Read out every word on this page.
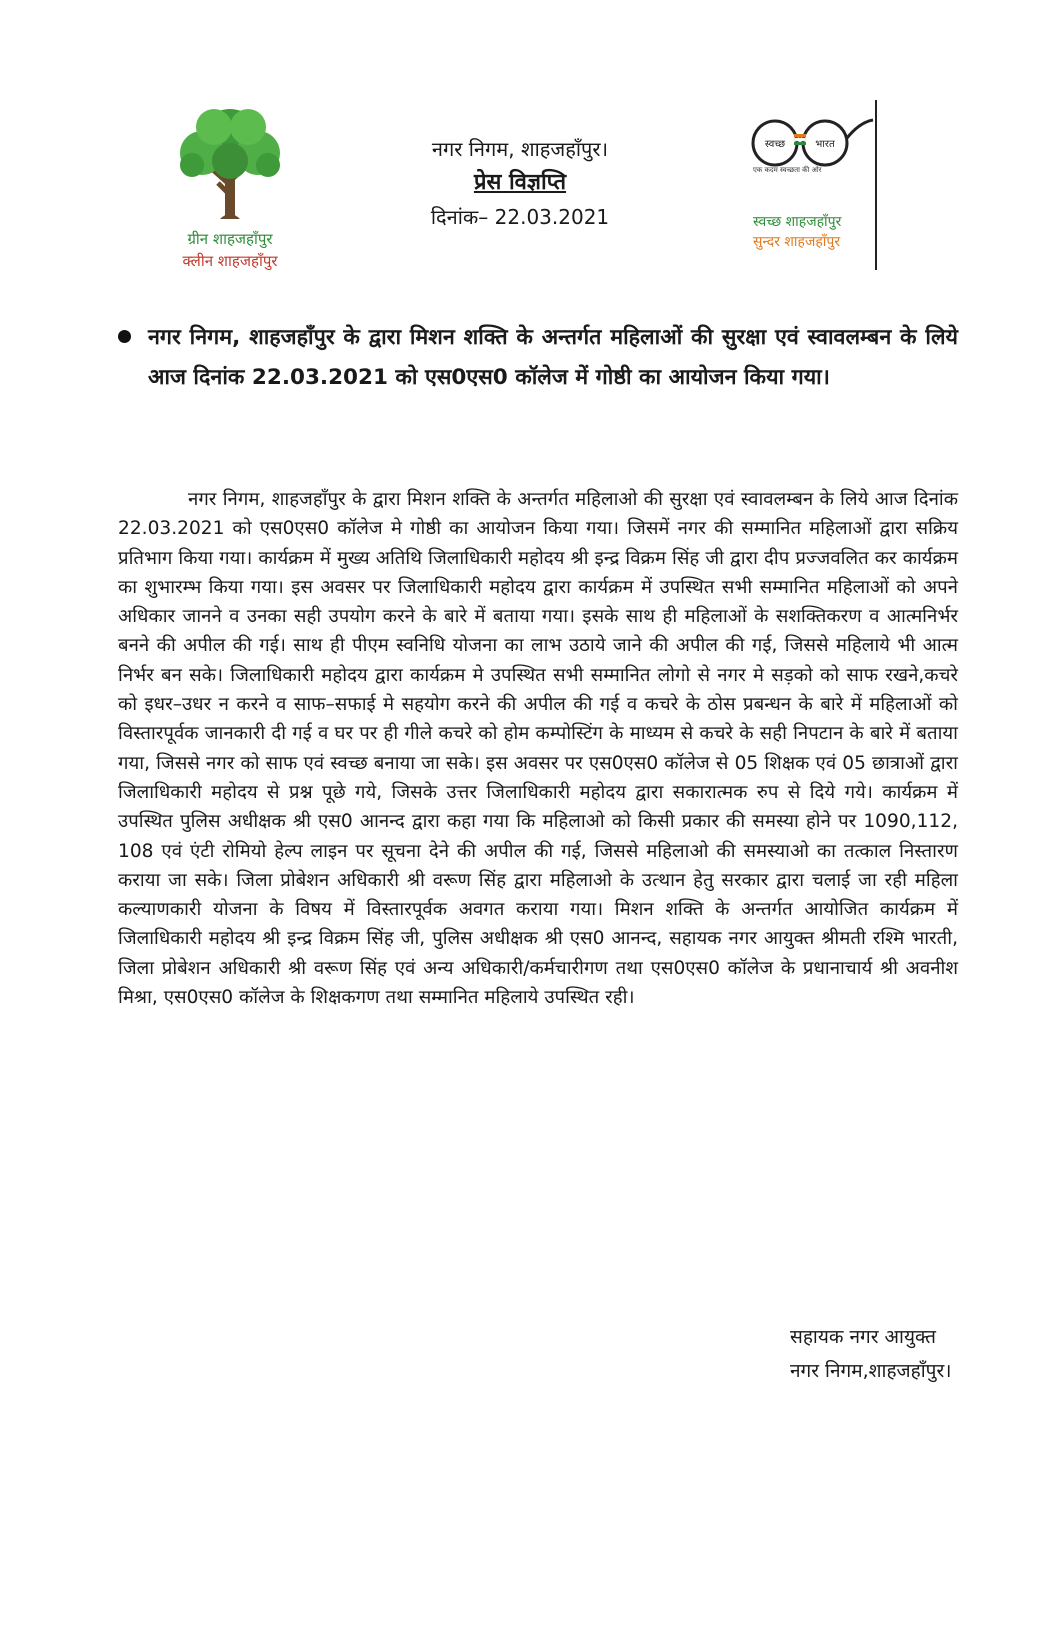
ग्रीन शाहजहाँपुर
क्लीन शाहजहाँपुर
नगर निगम, शाहजहाँपुर।
प्रेस विज्ञप्ति
दिनांक– 22.03.2021
स्वच्छ	भारत
एक कदम स्वच्छता की ओर
स्वच्छ शाहजहाँपुर
सुन्दर शाहजहाँपुर
नगर निगम, शाहजहाँपुर के द्वारा मिशन शक्ति के अन्तर्गत महिलाओं की सुरक्षा एवं स्वावलम्बन के लिये आज दिनांक 22.03.2021 को एस0एस0 कॉलेज में गोष्ठी का आयोजन किया गया।

नगर निगम, शाहजहाँपुर के द्वारा मिशन शक्ति के अन्तर्गत महिलाओ की सुरक्षा एवं स्वावलम्बन के लिये आज दिनांक 22.03.2021 को एस0एस0 कॉलेज मे गोष्ठी का आयोजन किया गया। जिसमें नगर की सम्मानित महिलाओं द्वारा सक्रिय प्रतिभाग किया गया। कार्यक्रम में मुख्य अतिथि जिलाधिकारी महोदय श्री इन्द्र विक्रम सिंह जी द्वारा दीप प्रज्जवलित कर कार्यक्रम का शुभारम्भ किया गया। इस अवसर पर जिलाधिकारी महोदय द्वारा कार्यक्रम में उपस्थित सभी सम्मानित महिलाओं को अपने अधिकार जानने व उनका सही उपयोग करने के बारे में बताया गया। इसके साथ ही महिलाओं के सशक्तिकरण व आत्मनिर्भर बनने की अपील की गई। साथ ही पीएम स्वनिधि योजना का लाभ उठाये जाने की अपील की गई, जिससे महिलाये भी आत्म निर्भर बन सके। जिलाधिकारी महोदय द्वारा कार्यक्रम मे उपस्थित सभी सम्मानित लोगो से नगर मे सड़को को साफ रखने,कचरे को इधर–उधर न करने व साफ–सफाई मे सहयोग करने की अपील की गई व कचरे के ठोस प्रबन्धन के बारे में महिलाओं को विस्तारपूर्वक जानकारी दी गई व घर पर ही गीले कचरे को होम कम्पोस्टिंग के माध्यम से कचरे के सही निपटान के बारे में बताया गया, जिससे नगर को साफ एवं स्वच्छ बनाया जा सके। इस अवसर पर एस0एस0 कॉलेज से 05 शिक्षक एवं 05 छात्राओं द्वारा जिलाधिकारी महोदय से प्रश्न पूछे गये, जिसके उत्तर जिलाधिकारी महोदय द्वारा सकारात्मक रुप से दिये गये। कार्यक्रम में उपस्थित पुलिस अधीक्षक श्री एस0 आनन्द द्वारा कहा गया कि महिलाओ को किसी प्रकार की समस्या होने पर 1090,112, 108 एवं एंटी रोमियो हेल्प लाइन पर सूचना देने की अपील की गई, जिससे महिलाओ की समस्याओ का तत्काल निस्तारण कराया जा सके। जिला प्रोबेशन अधिकारी श्री वरूण सिंह द्वारा महिलाओ के उत्थान हेतु सरकार द्वारा चलाई जा रही महिला कल्याणकारी योजना के विषय में विस्तारपूर्वक अवगत कराया गया। मिशन शक्ति के अन्तर्गत आयोजित कार्यक्रम में जिलाधिकारी महोदय श्री इन्द्र विक्रम सिंह जी, पुलिस अधीक्षक श्री एस0 आनन्द, सहायक नगर आयुक्त श्रीमती रश्मि भारती, जिला प्रोबेशन अधिकारी श्री वरूण सिंह एवं अन्य अधिकारी/कर्मचारीगण तथा एस0एस0 कॉलेज के प्रधानाचार्य श्री अवनीश मिश्रा, एस0एस0 कॉलेज के शिक्षकगण तथा सम्मानित महिलाये उपस्थित रही।

सहायक नगर आयुक्त
नगर निगम,शाहजहाँपुर।
